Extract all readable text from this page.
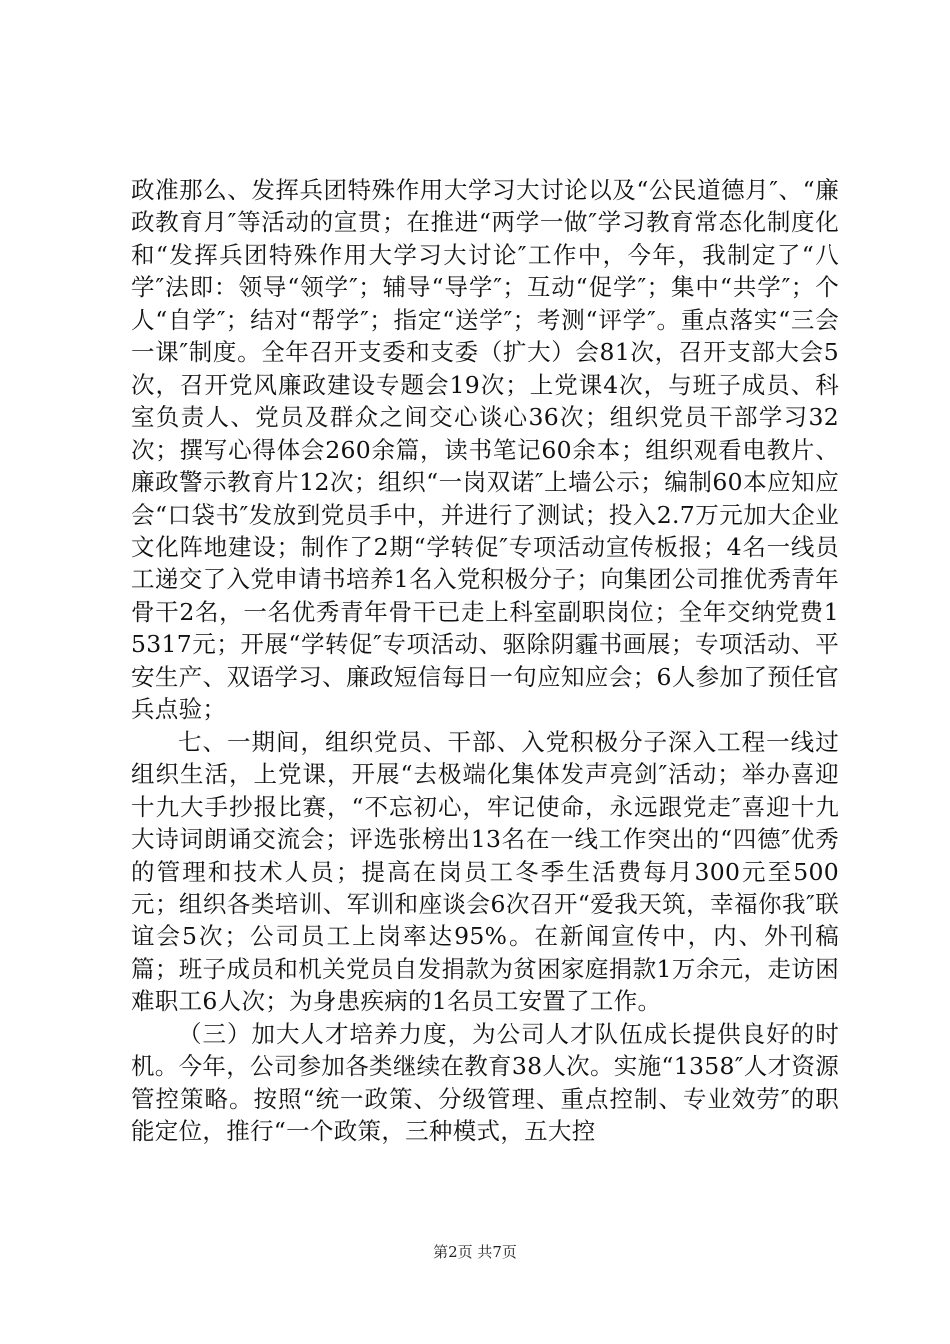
政准那么、发挥兵团特殊作用大学习大讨论以及“公民道德月″、“廉政教育月″等活动的宣贯；在推进“两学一做″学习教育常态化制度化和“发挥兵团特殊作用大学习大讨论″工作中，今年，我制定了“八学″法即：领导“领学″；辅导“导学″；互动“促学″；集中“共学″；个人“自学″；结对“帮学″；指定“送学″；考测“评学″。重点落实“三会一课″制度。全年召开支委和支委（扩大）会81次，召开支部大会5次，召开党风廉政建设专题会19次；上党课4次，与班子成员、科室负责人、党员及群众之间交心谈心36次；组织党员干部学习32次；撰写心得体会260余篇，读书笔记60余本；组织观看电教片、廉政警示教育片12次；组织“一岗双诺″上墙公示；编制60本应知应会“口袋书″发放到党员手中，并进行了测试；投入2.7万元加大企业文化阵地建设；制作了2期“学转促″专项活动宣传板报；4名一线员工递交了入党申请书培养1名入党积极分子；向集团公司推优秀青年骨干2名，一名优秀青年骨干已走上科室副职岗位；全年交纳党费15317元；开展“学转促″专项活动、驱除阴霾书画展；专项活动、平安生产、双语学习、廉政短信每日一句应知应会；6人参加了预任官兵点验；

七、一期间，组织党员、干部、入党积极分子深入工程一线过组织生活，上党课，开展“去极端化集体发声亮剑″活动；举办喜迎十九大手抄报比赛，“不忘初心，牢记使命，永远跟党走″喜迎十九大诗词朗诵交流会；评选张榜出13名在一线工作突出的“四德″优秀的管理和技术人员；提高在岗员工冬季生活费每月300元至500元；组织各类培训、军训和座谈会6次召开“爱我天筑，幸福你我″联谊会5次；公司员工上岗率达95%。在新闻宣传中，内、外刊稿篇；班子成员和机关党员自发捐款为贫困家庭捐款1万余元，走访困难职工6人次；为身患疾病的1名员工安置了工作。

（三）加大人才培养力度，为公司人才队伍成长提供良好的时机。今年，公司参加各类继续在教育38人次。实施“1358″人才资源管控策略。按照“统一政策、分级管理、重点控制、专业效劳″的职能定位，推行“一个政策，三种模式，五大控

第2页 共7页
